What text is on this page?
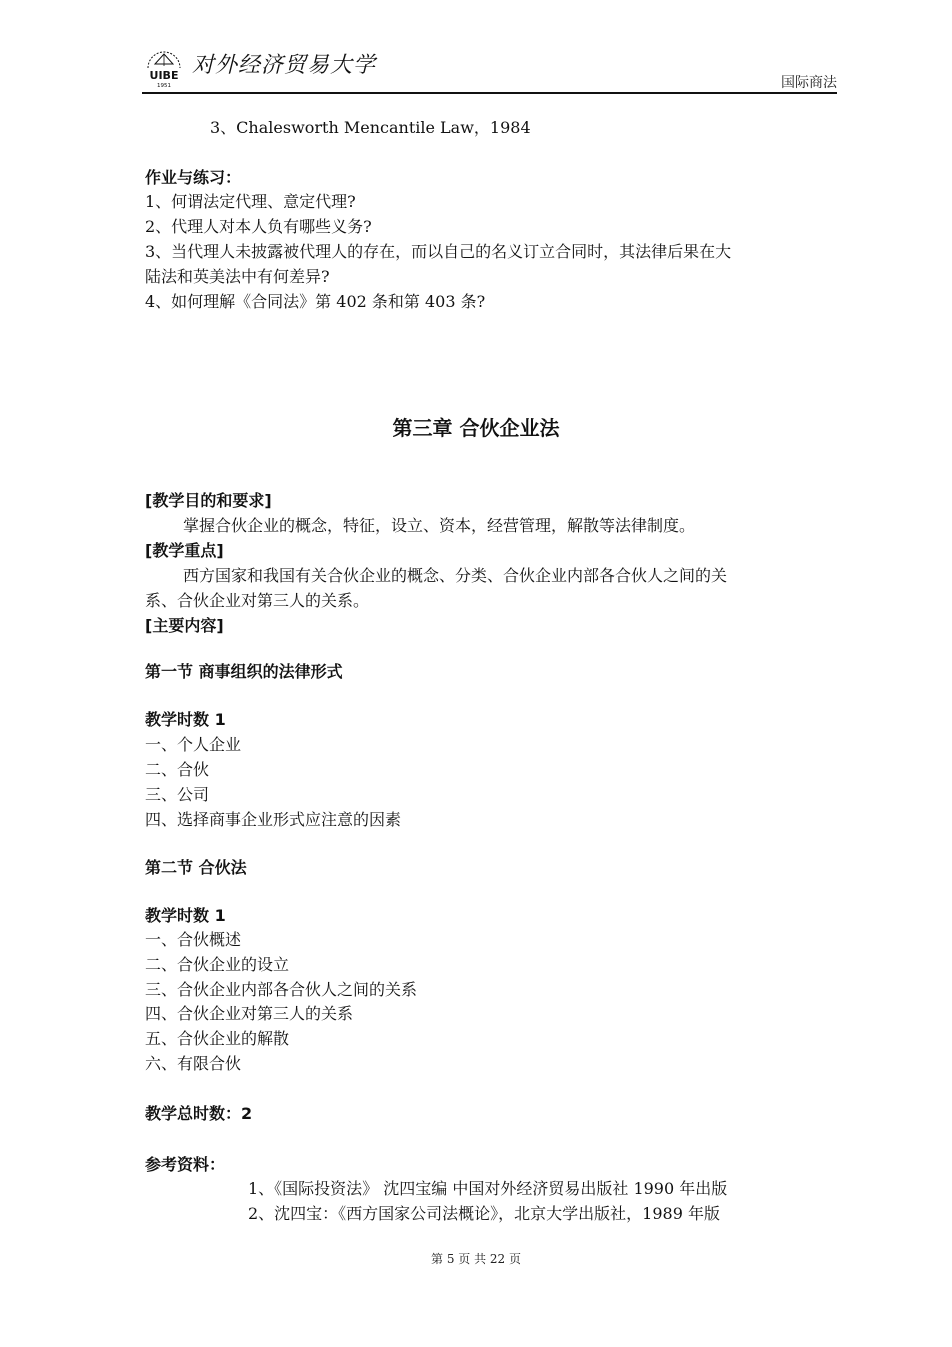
UIBE
1951
对外经济贸易大学
国际商法
3、Chalesworth Mencantile Law，1984
作业与练习：
1、何谓法定代理、意定代理?
2、代理人对本人负有哪些义务?
3、当代理人未披露被代理人的存在，而以自己的名义订立合同时，其法律后果在大
陆法和英美法中有何差异?
4、如何理解《合同法》第 402 条和第 403 条?
第三章 合伙企业法
[教学目的和要求]
掌握合伙企业的概念，特征，设立、资本，经营管理，解散等法律制度。
[教学重点]
西方国家和我国有关合伙企业的概念、分类、合伙企业内部各合伙人之间的关
系、合伙企业对第三人的关系。
[主要内容]
第一节 商事组织的法律形式
教学时数 1
一、个人企业
二、合伙
三、公司
四、选择商事企业形式应注意的因素
第二节 合伙法
教学时数 1
一、合伙概述
二、合伙企业的设立
三、合伙企业内部各合伙人之间的关系
四、合伙企业对第三人的关系
五、合伙企业的解散
六、有限合伙
教学总时数：2
参考资料：
1、《国际投资法》 沈四宝编 中国对外经济贸易出版社 1990 年出版
2、沈四宝：《西方国家公司法概论》，北京大学出版社，1989 年版
第 5 页 共 22 页
